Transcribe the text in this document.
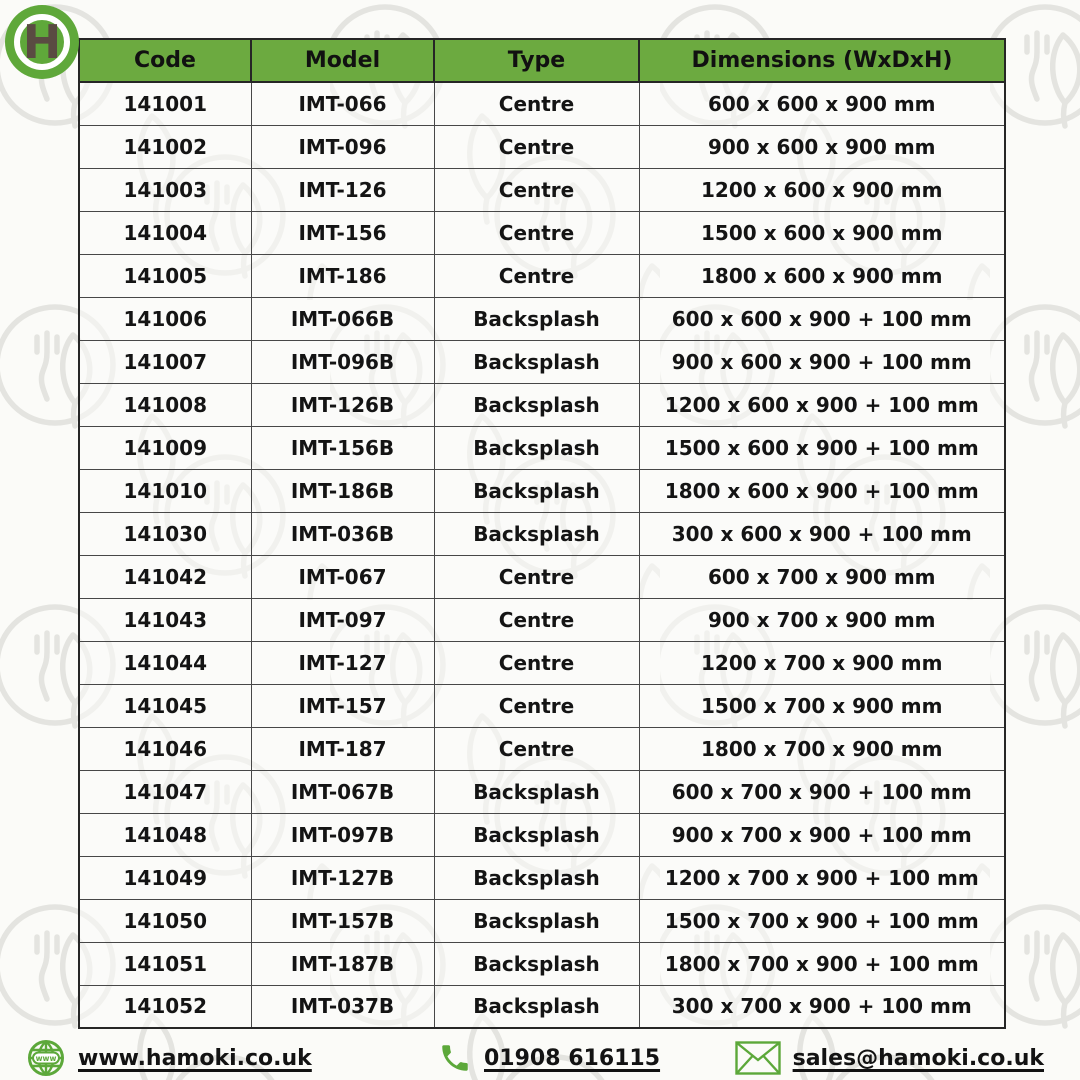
H	Code	Model	Type	Dimensions (WxDxH)
141001	IMT-066	Centre	600 x 600 x 900 mm
141002	IMT-096	Centre	900 x 600 x 900 mm
141003	IMT-126	Centre	1200 x 600 x 900 mm
141004	IMT-156	Centre	1500 x 600 x 900 mm
141005	IMT-186	Centre	1800 x 600 x 900 mm
141006	IMT-066B	Backsplash	600 x 600 x 900 + 100 mm
141007	IMT-096B	Backsplash	900 x 600 x 900 + 100 mm
141008	IMT-126B	Backsplash	1200 x 600 x 900 + 100 mm
141009	IMT-156B	Backsplash	1500 x 600 x 900 + 100 mm
141010	IMT-186B	Backsplash	1800 x 600 x 900 + 100 mm
141030	IMT-036B	Backsplash	300 x 600 x 900 + 100 mm
141042	IMT-067	Centre	600 x 700 x 900 mm
141043	IMT-097	Centre	900 x 700 x 900 mm
141044	IMT-127	Centre	1200 x 700 x 900 mm
141045	IMT-157	Centre	1500 x 700 x 900 mm
141046	IMT-187	Centre	1800 x 700 x 900 mm
141047	IMT-067B	Backsplash	600 x 700 x 900 + 100 mm
141048	IMT-097B	Backsplash	900 x 700 x 900 + 100 mm
141049	IMT-127B	Backsplash	1200 x 700 x 900 + 100 mm
141050	IMT-157B	Backsplash	1500 x 700 x 900 + 100 mm
141051	IMT-187B	Backsplash	1800 x 700 x 900 + 100 mm
141052	IMT-037B	Backsplash	300 x 700 x 900 + 100 mm
www www.hamoki.co.uk	01908 616115	sales@hamoki.co.uk
